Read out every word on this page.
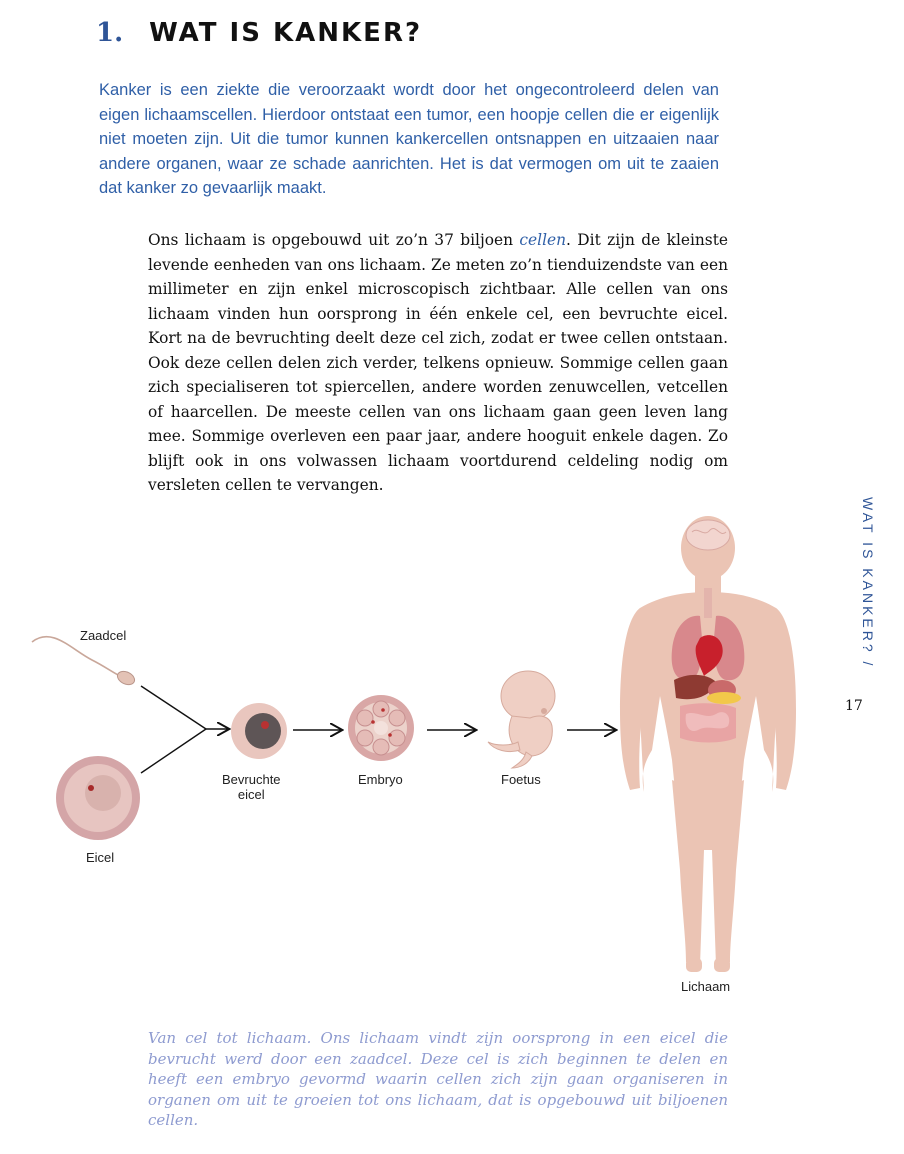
1. WAT IS KANKER?

Kanker is een ziekte die veroorzaakt wordt door het ongecontroleerd delen van eigen lichaamscellen. Hierdoor ontstaat een tumor, een hoopje cellen die er eigenlijk niet moeten zijn. Uit die tumor kunnen kankercellen ontsnappen en uitzaaien naar andere organen, waar ze schade aanrichten. Het is dat vermogen om uit te zaaien dat kanker zo gevaarlijk maakt.

Ons lichaam is opgebouwd uit zo’n 37 biljoen cellen. Dit zijn de kleinste levende eenheden van ons lichaam. Ze meten zo’n tienduizendste van een millimeter en zijn enkel microscopisch zichtbaar. Alle cellen van ons lichaam vinden hun oorsprong in één enkele cel, een bevruchte eicel. Kort na de bevruchting deelt deze cel zich, zodat er twee cellen ontstaan. Ook deze cellen delen zich verder, telkens opnieuw. Sommige cellen gaan zich specialiseren tot spiercellen, andere worden zenuwcellen, vetcellen of haarcellen. De meeste cellen van ons lichaam gaan geen leven lang mee. Sommige overleven een paar jaar, andere hooguit enkele dagen. Zo blijft ook in ons volwassen lichaam voortdurend celdeling nodig om versleten cellen te vervangen.

WAT IS KANKER? /
17
Zaadcel
Eicel
Bevruchte
eicel
Embryo	Foetus
Lichaam

Van cel tot lichaam. Ons lichaam vindt zijn oorsprong in een eicel die bevrucht werd door een zaadcel. Deze cel is zich beginnen te delen en heeft een embryo gevormd waarin cellen zich zijn gaan organiseren in organen om uit te groeien tot ons lichaam, dat is opgebouwd uit biljoenen cellen.
